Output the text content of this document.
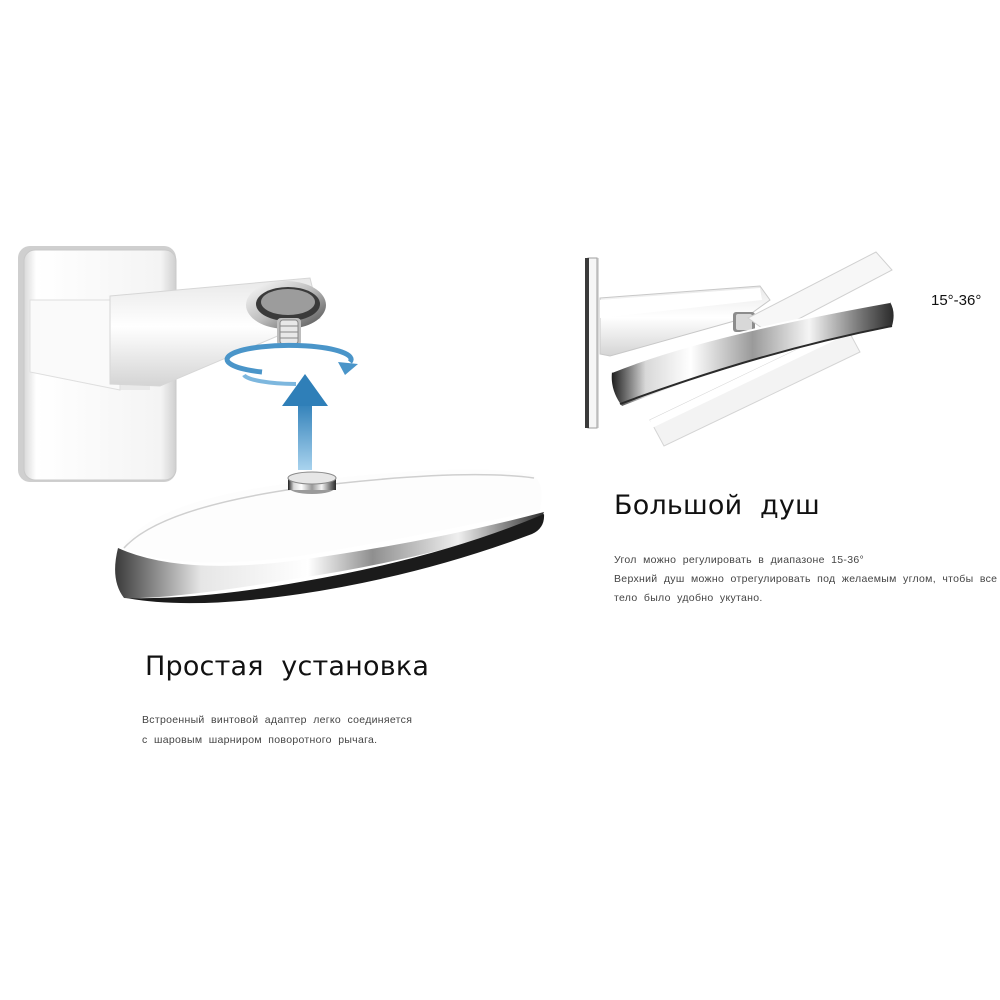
15°-36°
Большой  душ
Угол  можно  регулировать  в  диапазоне  15-36°
Верхний  душ  можно  отрегулировать  под  желаемым  углом,  чтобы  все
тело  было  удобно  укутано.
Простая  установка
Встроенный  винтовой  адаптер  легко  соединяется
с  шаровым  шарниром  поворотного  рычага.
